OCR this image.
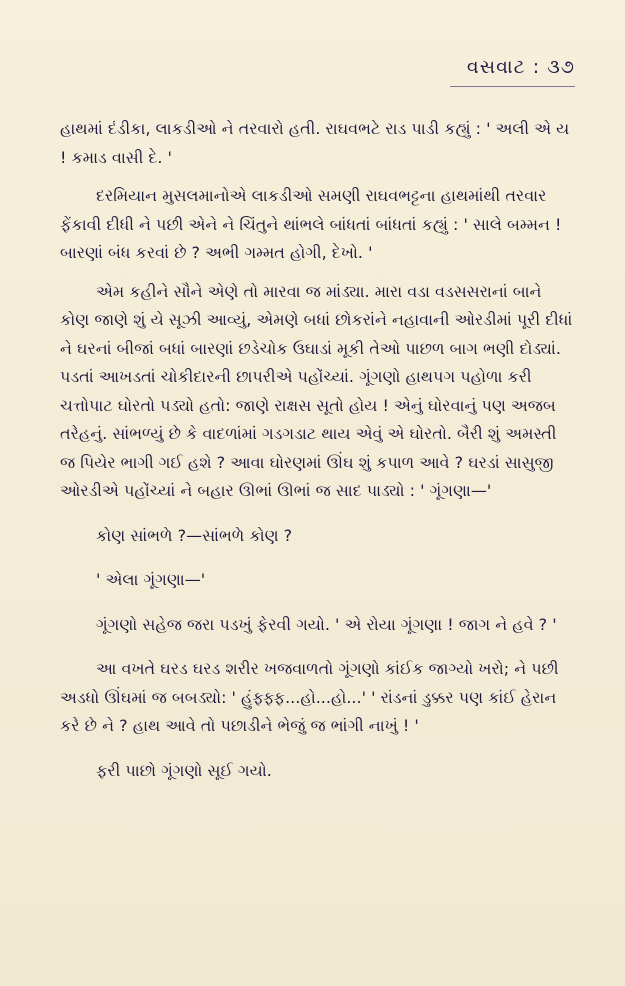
વસવાટ : ૩૭

હાથમાં દંડીકા, લાકડીઓ ને તરવારો હતી. રાઘવભટે રાડ પાડી કહ્યું : ' અલી એ ય ! કમાડ વાસી દે. '

દરમિયાન મુસલમાનોએ લાકડીઓ સમણી રાઘવભટ્ટના હાથમાંથી તરવાર ફેંકાવી દીધી ને પછી એને ને ચિંતુને થાંભલે બાંધતાં બાંધતાં કહ્યું : ' સાલે બમ્મન ! બારણાં બંધ કરવાં છે ? અભી ગમ્મત હોગી, દેખો. '

એમ કહીને સૌને એણે તો મારવા જ માંડ્યા. મારા વડા વડસસરાનાં બાને કોણ જાણે શું યે સૂઝી આવ્યું, એમણે બધાં છોકરાંને નહાવાની ઓરડીમાં પૂરી દીધાં ને ઘરનાં બીજાં બધાં બારણાં છડેચોક ઉઘાડાં મૂકી તેઓ પાછળ બાગ ભણી દોડ્યાં. પડતાં આખડતાં ચોકીદારની છાપરીએ પહોંચ્યાં. ગૂંગણો હાથપગ પહોળા કરી ચત્તોપાટ ઘોરતો પડ્યો હતો: જાણે રાક્ષસ સૂતો હોય ! એનું ઘોરવાનું પણ અજબ તરેહનું. સાંભળ્યું છે કે વાદળાંમાં ગડગડાટ થાય એવું એ ઘોરતો. બૈરી શું અમસ્તી જ પિયેર ભાગી ગઈ હશે ? આવા ઘોરણમાં ઊંઘ શું કપાળ આવે ? ઘરડાં સાસુજી ઓરડીએ પહોંચ્યાં ને બહાર ઊભાં ઊભાં જ સાદ પાડ્યો : ' ગૂંગણા—'

કોણ સાંભળે ?—સાંભળે કોણ ?

' એલા ગૂંગણા—'

ગૂંગણો સહેજ જરા પડખું ફેરવી ગયો. ' એ રોયા ગૂંગણા ! જાગ ને હવે ? '

આ વખતે ઘરડ ઘરડ શરીર ખજવાળતો ગૂંગણો કાંઈક જાગ્યો ખરો; ને પછી અડધો ઊંઘમાં જ બબડ્યો: ' હુંફ્ફ્ફ...હો...હો...' ' રાંડનાં ડુક્કર પણ કાંઈ હેરાન કરે છે ને ? હાથ આવે તો પછાડીને ભેજું જ ભાંગી નાખું ! '

ફરી પાછો ગૂંગણો સૂઈ ગયો.
